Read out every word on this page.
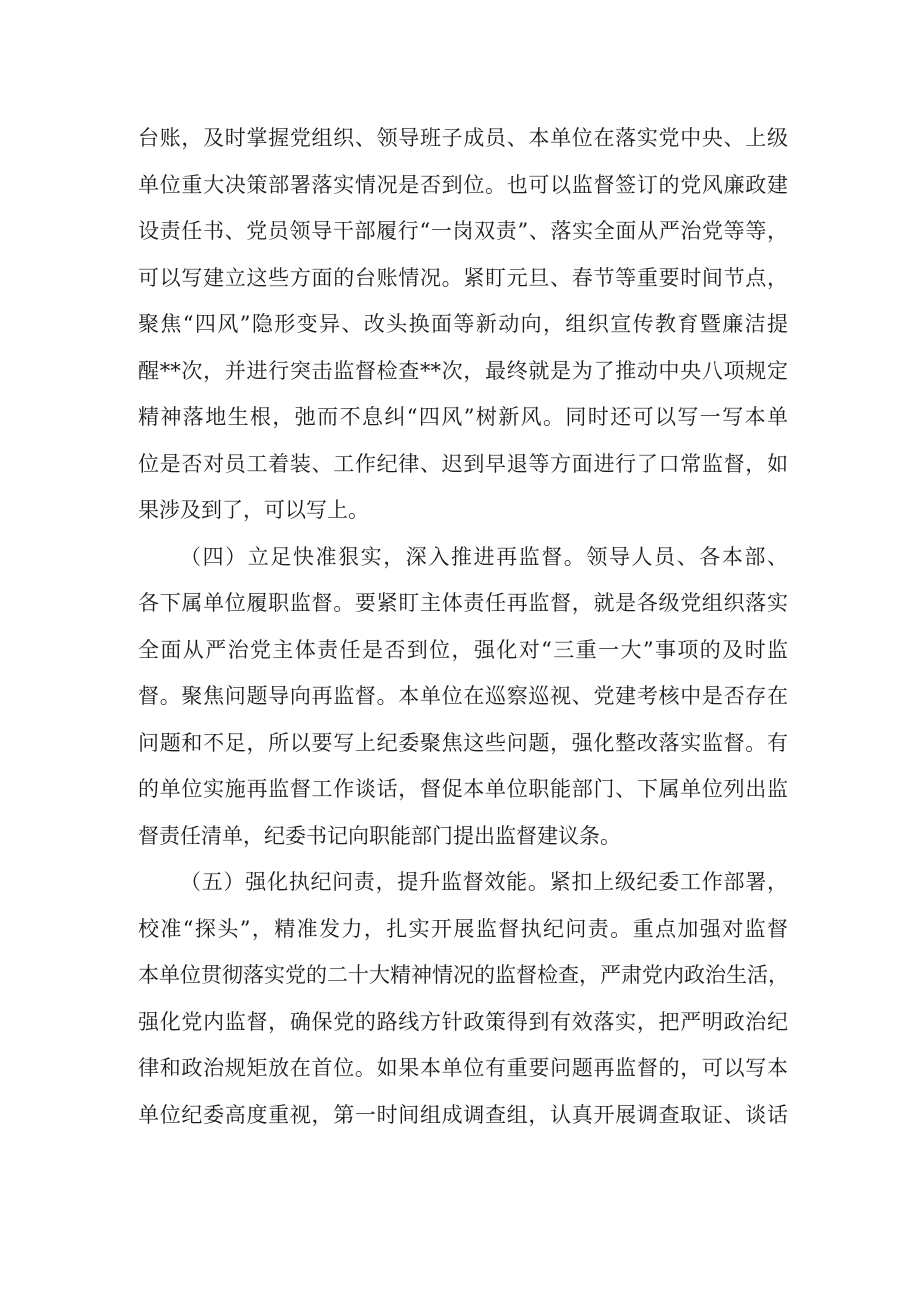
台账，及时掌握党组织、领导班子成员、本单位在落实党中央、上级
单位重大决策部署落实情况是否到位。也可以监督签订的党风廉政建
设责任书、党员领导干部履行“一岗双责”、落实全面从严治党等等，
可以写建立这些方面的台账情况。紧盯元旦、春节等重要时间节点，
聚焦“四风”隐形变异、改头换面等新动向，组织宣传教育暨廉洁提
醒**次，并进行突击监督检查**次，最终就是为了推动中央八项规定
精神落地生根，弛而不息纠“四风”树新风。同时还可以写一写本单
位是否对员工着装、工作纪律、迟到早退等方面进行了口常监督，如
果涉及到了，可以写上。
（四）立足快准狠实，深入推进再监督。领导人员、各本部、
各下属单位履职监督。要紧盯主体责任再监督，就是各级党组织落实
全面从严治党主体责任是否到位，强化对“三重一大”事项的及时监
督。聚焦问题导向再监督。本单位在巡察巡视、党建考核中是否存在
问题和不足，所以要写上纪委聚焦这些问题，强化整改落实监督。有
的单位实施再监督工作谈话，督促本单位职能部门、下属单位列出监
督责任清单，纪委书记向职能部门提出监督建议条。
（五）强化执纪问责，提升监督效能。紧扣上级纪委工作部署，
校准“探头”，精准发力，扎实开展监督执纪问责。重点加强对监督
本单位贯彻落实党的二十大精神情况的监督检查，严肃党内政治生活，
强化党内监督，确保党的路线方针政策得到有效落实，把严明政治纪
律和政治规矩放在首位。如果本单位有重要问题再监督的，可以写本
单位纪委高度重视，第一时间组成调查组，认真开展调查取证、谈话
